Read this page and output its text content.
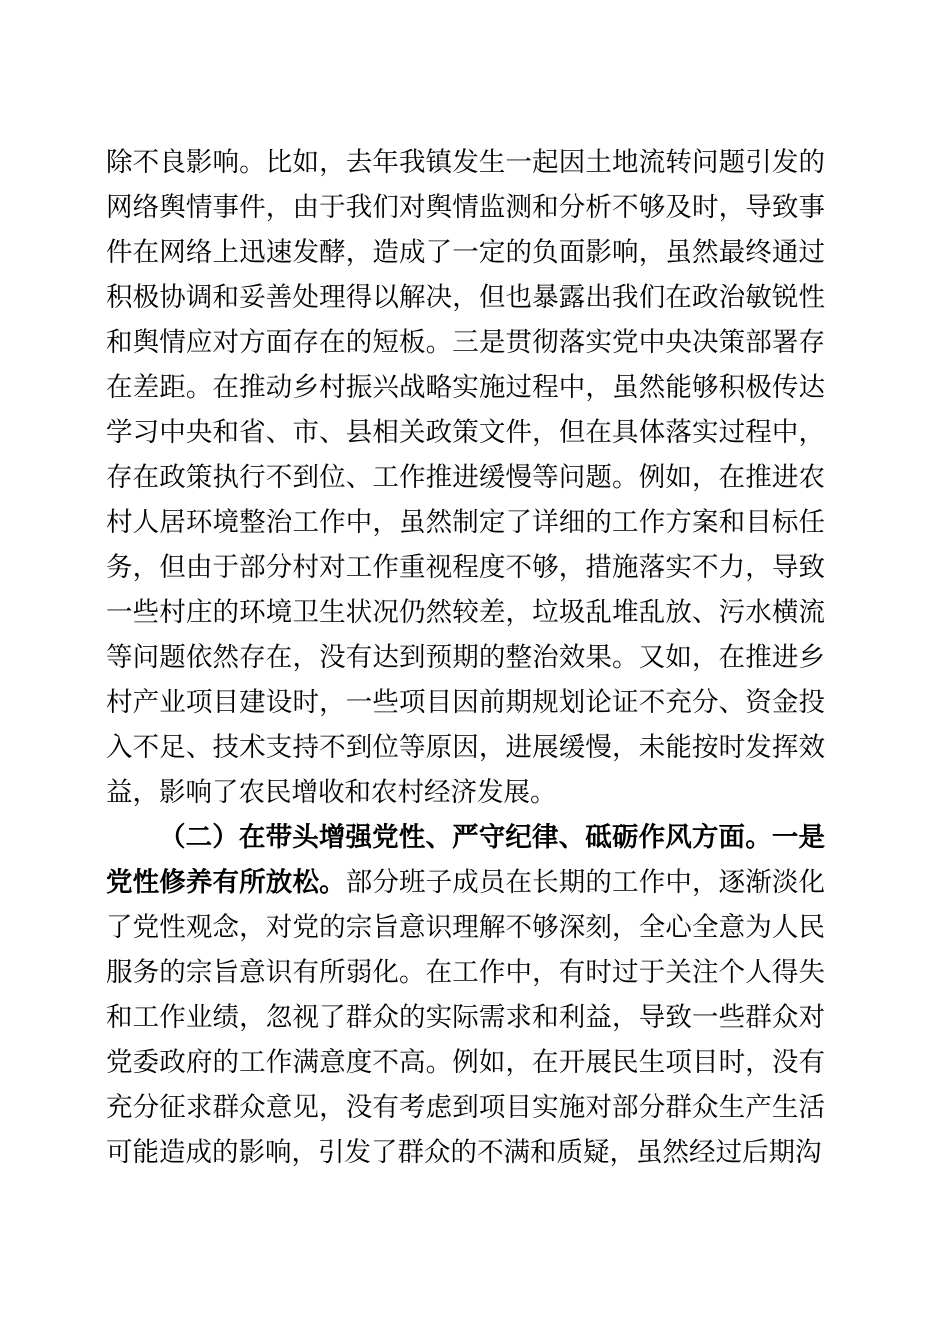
除不良影响。比如，去年我镇发生一起因土地流转问题引发的网络舆情事件，由于我们对舆情监测和分析不够及时，导致事件在网络上迅速发酵，造成了一定的负面影响，虽然最终通过积极协调和妥善处理得以解决，但也暴露出我们在政治敏锐性和舆情应对方面存在的短板。三是贯彻落实党中央决策部署存在差距。在推动乡村振兴战略实施过程中，虽然能够积极传达学习中央和省、市、县相关政策文件，但在具体落实过程中，存在政策执行不到位、工作推进缓慢等问题。例如，在推进农村人居环境整治工作中，虽然制定了详细的工作方案和目标任务，但由于部分村对工作重视程度不够，措施落实不力，导致一些村庄的环境卫生状况仍然较差，垃圾乱堆乱放、污水横流等问题依然存在，没有达到预期的整治效果。又如，在推进乡村产业项目建设时，一些项目因前期规划论证不充分、资金投入不足、技术支持不到位等原因，进展缓慢，未能按时发挥效益，影响了农民增收和农村经济发展。

（二）在带头增强党性、严守纪律、砥砺作风方面。一是党性修养有所放松。部分班子成员在长期的工作中，逐渐淡化了党性观念，对党的宗旨意识理解不够深刻，全心全意为人民服务的宗旨意识有所弱化。在工作中，有时过于关注个人得失和工作业绩，忽视了群众的实际需求和利益，导致一些群众对党委政府的工作满意度不高。例如，在开展民生项目时，没有充分征求群众意见，没有考虑到项目实施对部分群众生产生活可能造成的影响，引发了群众的不满和质疑，虽然经过后期沟
